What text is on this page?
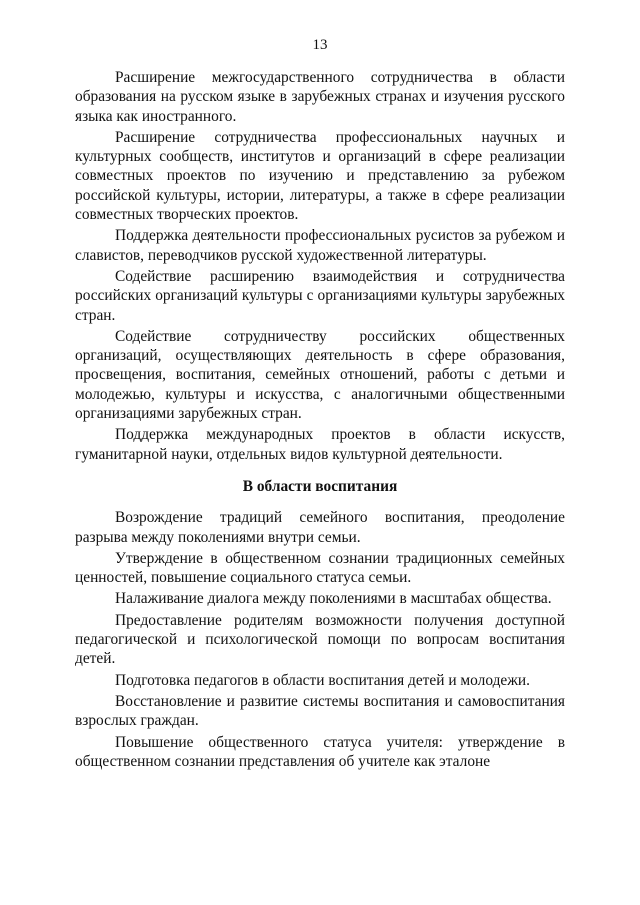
13

Расширение межгосударственного сотрудничества в области образования на русском языке в зарубежных странах и изучения русского языка как иностранного.

Расширение сотрудничества профессиональных научных и культурных сообществ, институтов и организаций в сфере реализации совместных проектов по изучению и представлению за рубежом российской культуры, истории, литературы, а также в сфере реализации совместных творческих проектов.

Поддержка деятельности профессиональных русистов за рубежом и славистов, переводчиков русской художественной литературы.

Содействие расширению взаимодействия и сотрудничества российских организаций культуры с организациями культуры зарубежных стран.

Содействие сотрудничеству российских общественных организаций, осуществляющих деятельность в сфере образования, просвещения, воспитания, семейных отношений, работы с детьми и молодежью, культуры и искусства, с аналогичными общественными организациями зарубежных стран.

Поддержка международных проектов в области искусств, гуманитарной науки, отдельных видов культурной деятельности.

В области воспитания

Возрождение традиций семейного воспитания, преодоление разрыва между поколениями внутри семьи.

Утверждение в общественном сознании традиционных семейных ценностей, повышение социального статуса семьи.

Налаживание диалога между поколениями в масштабах общества.

Предоставление родителям возможности получения доступной педагогической и психологической помощи по вопросам воспитания детей.

Подготовка педагогов в области воспитания детей и молодежи.

Восстановление и развитие системы воспитания и самовоспитания взрослых граждан.

Повышение общественного статуса учителя: утверждение в общественном сознании представления об учителе как эталоне
